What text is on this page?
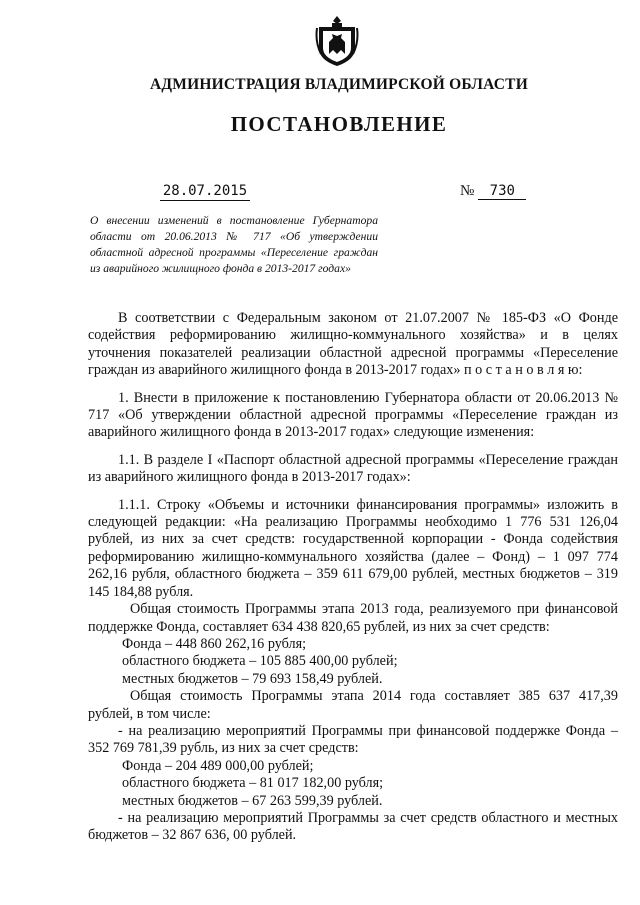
АДМИНИСТРАЦИЯ ВЛАДИМИРСКОЙ ОБЛАСТИ
ПОСТАНОВЛЕНИЕ
28.07.2015	№ 730
О внесении изменений в постановление Губернатора области от 20.06.2013 № 717 «Об утверждении областной адресной программы «Переселение граждан из аварийного жилищного фонда в 2013-2017 годах»

В соответствии с Федеральным законом от 21.07.2007 № 185-ФЗ «О Фонде содействия реформированию жилищно-коммунального хозяйства» и в целях уточнения показателей реализации областной адресной программы «Переселение граждан из аварийного жилищного фонда в 2013-2017 годах» п о с т а н о в л я ю:

1. Внести в приложение к постановлению Губернатора области от 20.06.2013 № 717 «Об утверждении областной адресной программы «Переселение граждан из аварийного жилищного фонда в 2013-2017 годах» следующие изменения:

1.1. В разделе I «Паспорт областной адресной программы «Переселение граждан из аварийного жилищного фонда в 2013-2017 годах»:

1.1.1. Строку «Объемы и источники финансирования программы» изложить в следующей редакции: «На реализацию Программы необходимо 1 776 531 126,04 рублей, из них за счет средств: государственной корпорации - Фонда содействия реформированию жилищно-коммунального хозяйства (далее – Фонд) – 1 097 774 262,16 рубля, областного бюджета – 359 611 679,00 рублей, местных бюджетов – 319 145 184,88 рубля.

Общая стоимость Программы этапа 2013 года, реализуемого при финансовой поддержке Фонда, составляет 634 438 820,65 рублей, из них за счет средств:

Фонда – 448 860 262,16 рубля;

областного бюджета – 105 885 400,00 рублей;

местных бюджетов – 79 693 158,49 рублей.

Общая стоимость Программы этапа 2014 года составляет 385 637 417,39 рублей, в том числе:

- на реализацию мероприятий Программы при финансовой поддержке Фонда – 352 769 781,39 рубль, из них за счет средств:

Фонда – 204 489 000,00 рублей;

областного бюджета – 81 017 182,00 рубля;

местных бюджетов – 67 263 599,39 рублей.

- на реализацию мероприятий Программы за счет средств областного и местных бюджетов – 32 867 636, 00 рублей.
